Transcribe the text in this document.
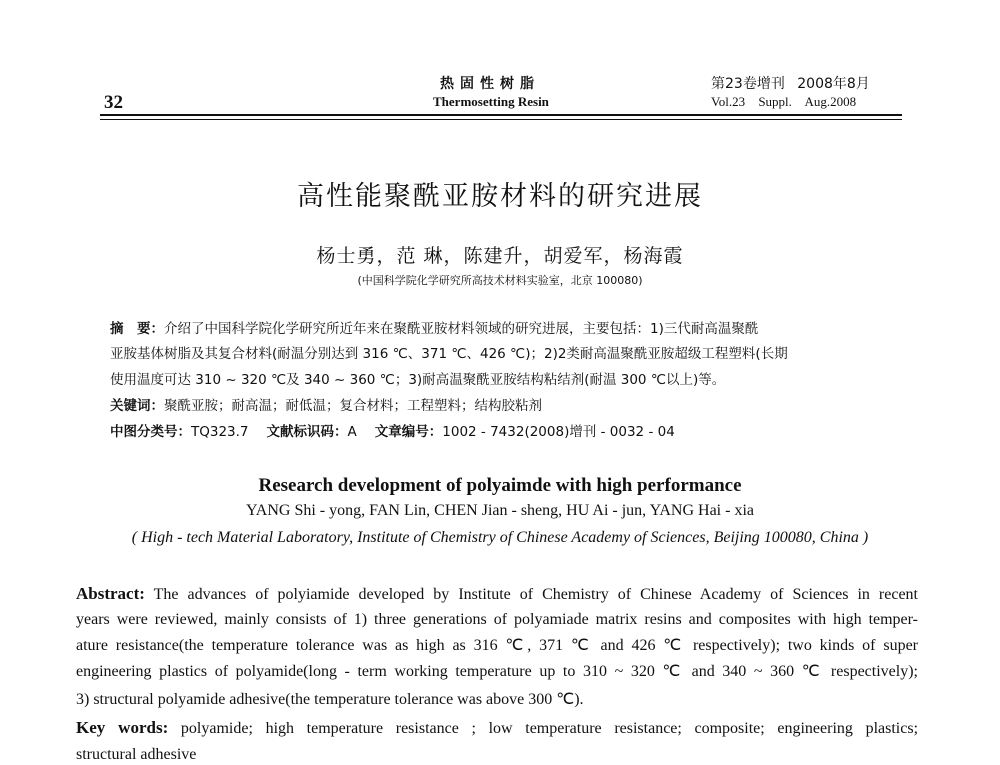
32
热固性树脂
Thermosetting Resin
第23卷增刊 2008年8月
Vol.23 Suppl. Aug.2008
高性能聚酰亚胺材料的研究进展
杨士勇，范 琳，陈建升，胡爱军，杨海霞
(中国科学院化学研究所高技术材料实验室，北京 100080)
摘　要：介绍了中国科学院化学研究所近年来在聚酰亚胺材料领域的研究进展，主要包括：1)三代耐高温聚酰
亚胺基体树脂及其复合材料(耐温分别达到 316 ℃、371 ℃、426 ℃)；2)2类耐高温聚酰亚胺超级工程塑料(长期
使用温度可达 310 ~ 320 ℃及 340 ~ 360 ℃；3)耐高温聚酰亚胺结构粘结剂(耐温 300 ℃以上)等。
关键词：聚酰亚胺；耐高温；耐低温；复合材料；工程塑料；结构胶粘剂
中图分类号：TQ323.7 文献标识码：A 文章编号：1002 - 7432(2008)增刊 - 0032 - 04
Research development of polyaimde with high performance
YANG Shi - yong, FAN Lin, CHEN Jian - sheng, HU Ai - jun, YANG Hai - xia
( High - tech Material Laboratory, Institute of Chemistry of Chinese Academy of Sciences, Beijing 100080, China )
Abstract: The advances of polyiamide developed by Institute of Chemistry of Chinese Academy of Sciences in recent
years were reviewed, mainly consists of 1) three generations of polyamiade matrix resins and composites with high temper-
ature resistance(the temperature tolerance was as high as 316 ℃, 371 ℃ and 426 ℃ respectively); two kinds of super
engineering plastics of polyamide(long - term working temperature up to 310 ~ 320 ℃ and 340 ~ 360 ℃ respectively);
3) structural polyamide adhesive(the temperature tolerance was above 300 ℃).
Key words: polyamide; high temperature resistance ; low temperature resistance; composite; engineering plastics;
structural adhesive
